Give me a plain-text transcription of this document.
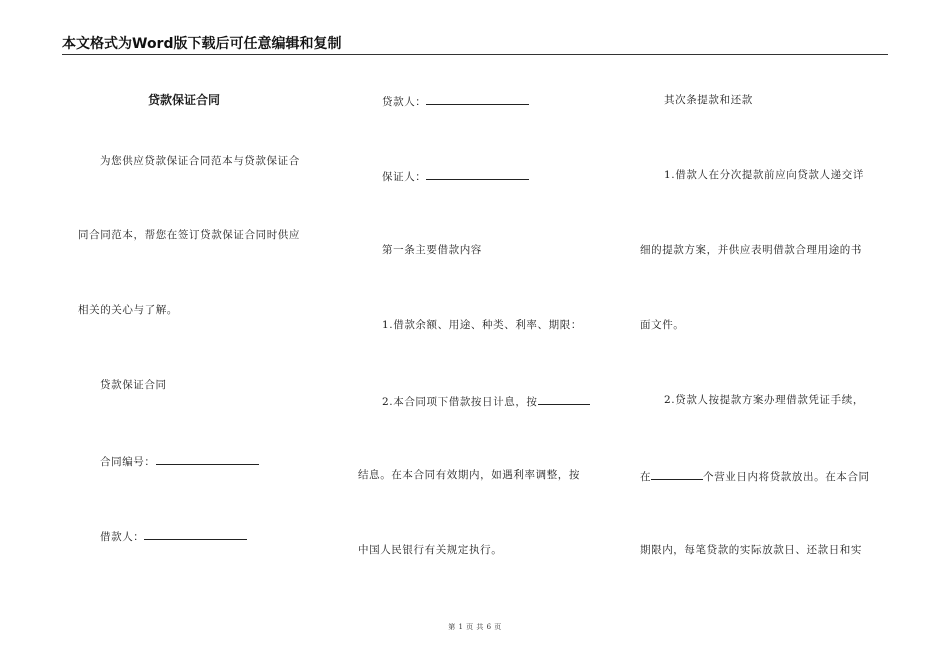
本文格式为Word版下载后可任意编辑和复制
贷款保证合同
为您供应贷款保证合同范本与贷款保证合
同合同范本，帮您在签订贷款保证合同时供应
相关的关心与了解。
贷款保证合同
合同编号：
借款人：
贷款人：
保证人：
第一条主要借款内容
1.借款余额、用途、种类、利率、期限：
2.本合同项下借款按日计息，按
结息。在本合同有效期内，如遇利率调整，按
中国人民银行有关规定执行。
其次条提款和还款
1.借款人在分次提款前应向贷款人递交详
细的提款方案，并供应表明借款合理用途的书
面文件。
2.贷款人按提款方案办理借款凭证手续，
在	个营业日内将贷款放出。在本合同
期限内，每笔贷款的实际放款日、还款日和实
第 1 页 共 6 页
